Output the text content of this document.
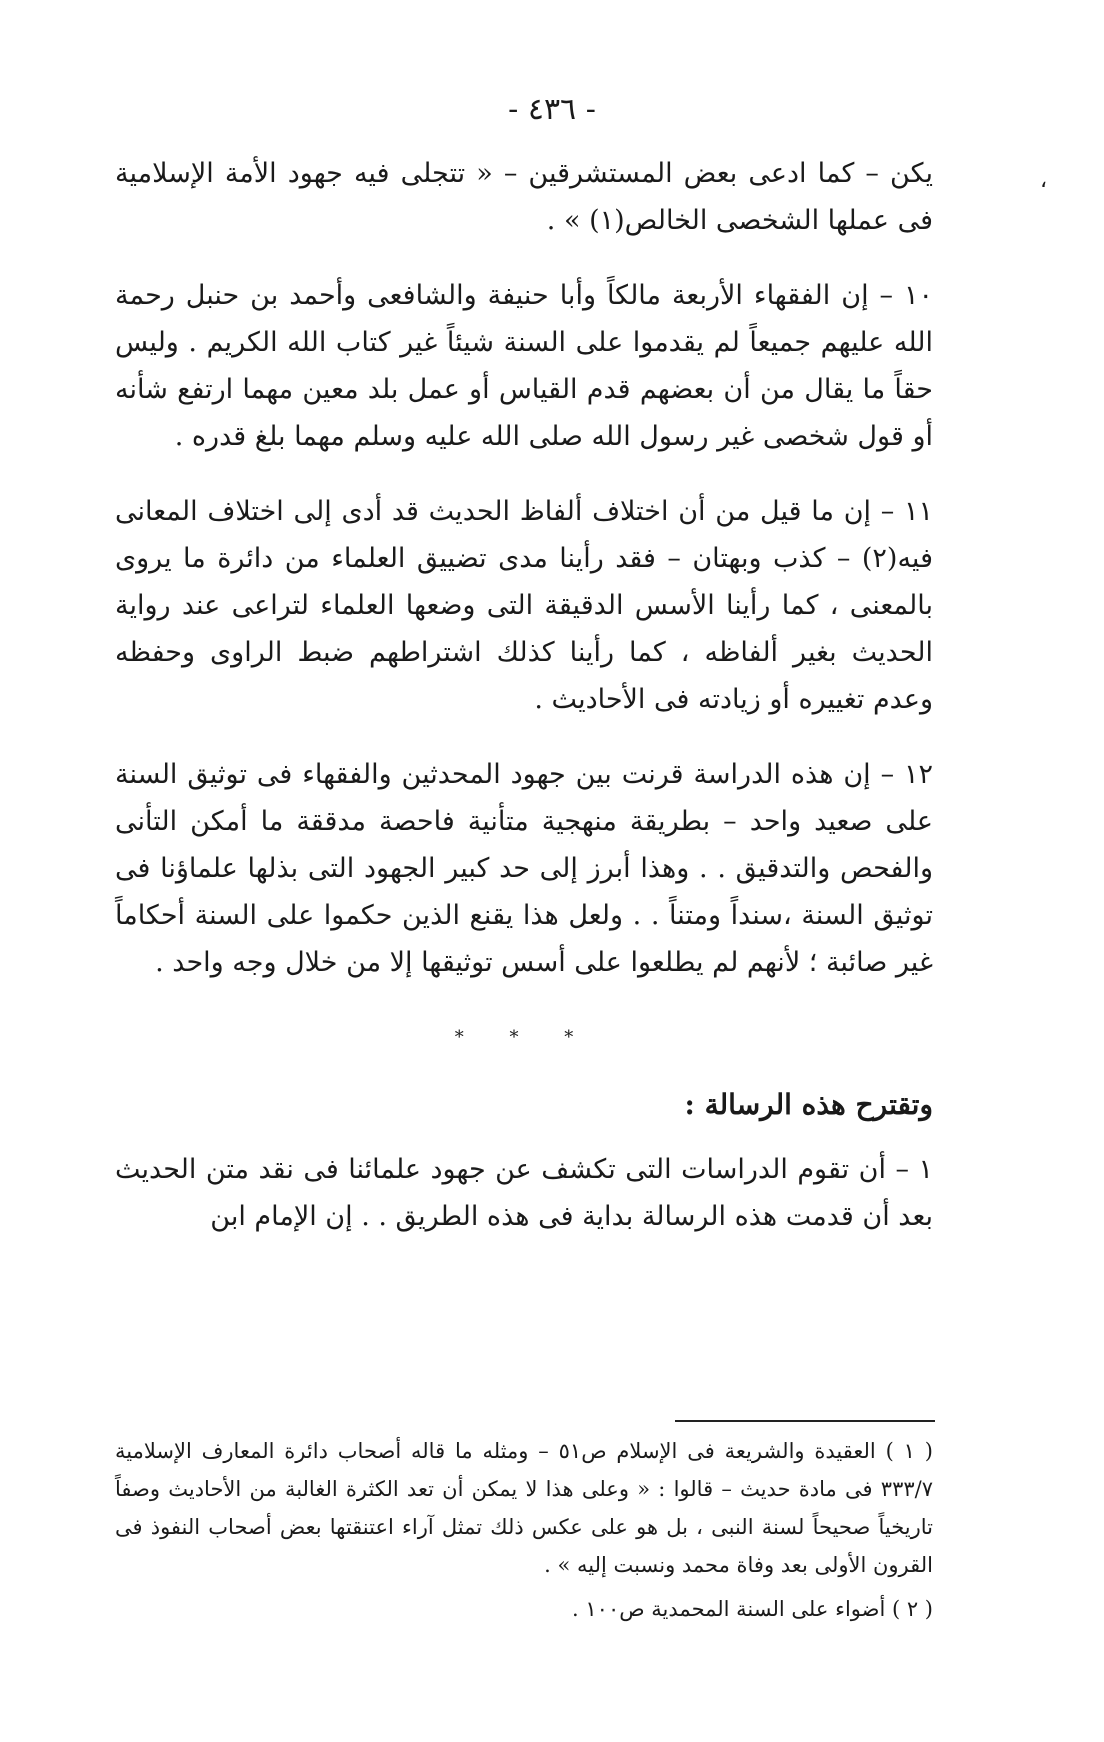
- ٤٣٦ -
،

يكن – كما ادعى بعض المستشرقين – « تتجلى فيه جهود الأمة الإسلامية فى عملها الشخصى الخالص(١) » .

١٠ – إن الفقهاء الأربعة مالكاً وأبا حنيفة والشافعى وأحمد بن حنبل رحمة الله عليهم جميعاً لم يقدموا على السنة شيئاً غير كتاب الله الكريم . وليس حقاً ما يقال من أن بعضهم قدم القياس أو عمل بلد معين مهما ارتفع شأنه أو قول شخصى غير رسول الله صلى الله عليه وسلم مهما بلغ قدره .

١١ – إن ما قيل من أن اختلاف ألفاظ الحديث قد أدى إلى اختلاف المعانى فيه(٢) – كذب وبهتان – فقد رأينا مدى تضييق العلماء من دائرة ما يروى بالمعنى ، كما رأينا الأسس الدقيقة التى وضعها العلماء لتراعى عند رواية الحديث بغير ألفاظه ، كما رأينا كذلك اشتراطهم ضبط الراوى وحفظه وعدم تغييره أو زيادته فى الأحاديث .

١٢ – إن هذه الدراسة قرنت بين جهود المحدثين والفقهاء فى توثيق السنة على صعيد واحد – بطريقة منهجية متأنية فاحصة مدققة ما أمكن التأنى والفحص والتدقيق . . وهذا أبرز إلى حد كبير الجهود التى بذلها علماؤنا فى توثيق السنة ،سنداً ومتناً . . ولعل هذا يقنع الذين حكموا على السنة أحكاماً غير صائبة ؛ لأنهم لم يطلعوا على أسس توثيقها إلا من خلال وجه واحد .

* * *
وتقترح هذه الرسالة :

١ – أن تقوم الدراسات التى تكشف عن جهود علمائنا فى نقد متن الحديث بعد أن قدمت هذه الرسالة بداية فى هذه الطريق . . إن الإمام ابن

( ١ ) العقيدة والشريعة فى الإسلام ص٥١ – ومثله ما قاله أصحاب دائرة المعارف الإسلامية ٣٣٣/٧ فى مادة حديث – قالوا : « وعلى هذا لا يمكن أن تعد الكثرة الغالبة من الأحاديث وصفاً تاريخياً صحيحاً لسنة النبى ، بل هو على عكس ذلك تمثل آراء اعتنقتها بعض أصحاب النفوذ فى القرون الأولى بعد وفاة محمد ونسبت إليه » .

( ٢ ) أضواء على السنة المحمدية ص١٠٠ .
